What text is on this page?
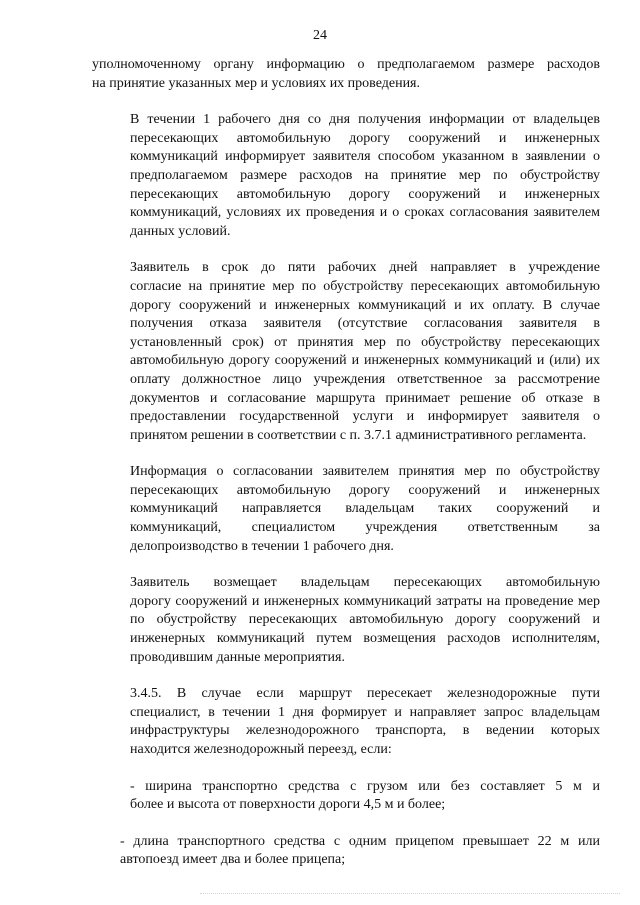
24

уполномоченному органу информацию о предполагаемом размере расходов
на принятие указанных мер и условиях их проведения.

В течении 1 рабочего дня со дня получения информации от владельцев
пересекающих автомобильную дорогу сооружений и инженерных
коммуникаций информирует заявителя способом указанном в заявлении о
предполагаемом размере расходов на принятие мер по обустройству
пересекающих автомобильную дорогу сооружений и инженерных
коммуникаций, условиях их проведения и о сроках согласования заявителем
данных условий.

Заявитель в срок до пяти рабочих дней направляет в учреждение
согласие на принятие мер по обустройству пересекающих автомобильную
дорогу сооружений и инженерных коммуникаций и их оплату. В случае
получения отказа заявителя (отсутствие согласования заявителя в
установленный срок) от принятия мер по обустройству пересекающих
автомобильную дорогу сооружений и инженерных коммуникаций и (или) их
оплату должностное лицо учреждения ответственное за рассмотрение
документов и согласование маршрута принимает решение об отказе в
предоставлении государственной услуги и информирует заявителя о
принятом решении в соответствии с п. 3.7.1 административного регламента.

Информация о согласовании заявителем принятия мер по обустройству
пересекающих автомобильную дорогу сооружений и инженерных
коммуникаций направляется владельцам таких сооружений и
коммуникаций, специалистом учреждения ответственным за
делопроизводство в течении 1 рабочего дня.

Заявитель возмещает владельцам пересекающих автомобильную
дорогу сооружений и инженерных коммуникаций затраты на проведение мер
по обустройству пересекающих автомобильную дорогу сооружений и
инженерных коммуникаций путем возмещения расходов исполнителям,
проводившим данные мероприятия.

3.4.5. В случае если маршрут пересекает железнодорожные пути
специалист, в течении 1 дня формирует и направляет запрос владельцам
инфраструктуры железнодорожного транспорта, в ведении которых
находится железнодорожный переезд, если:

- ширина транспортно средства с грузом или без составляет 5 м и
более и высота от поверхности дороги 4,5 м и более;

- длина транспортного средства с одним прицепом превышает 22 м или
автопоезд имеет два и более прицепа;
